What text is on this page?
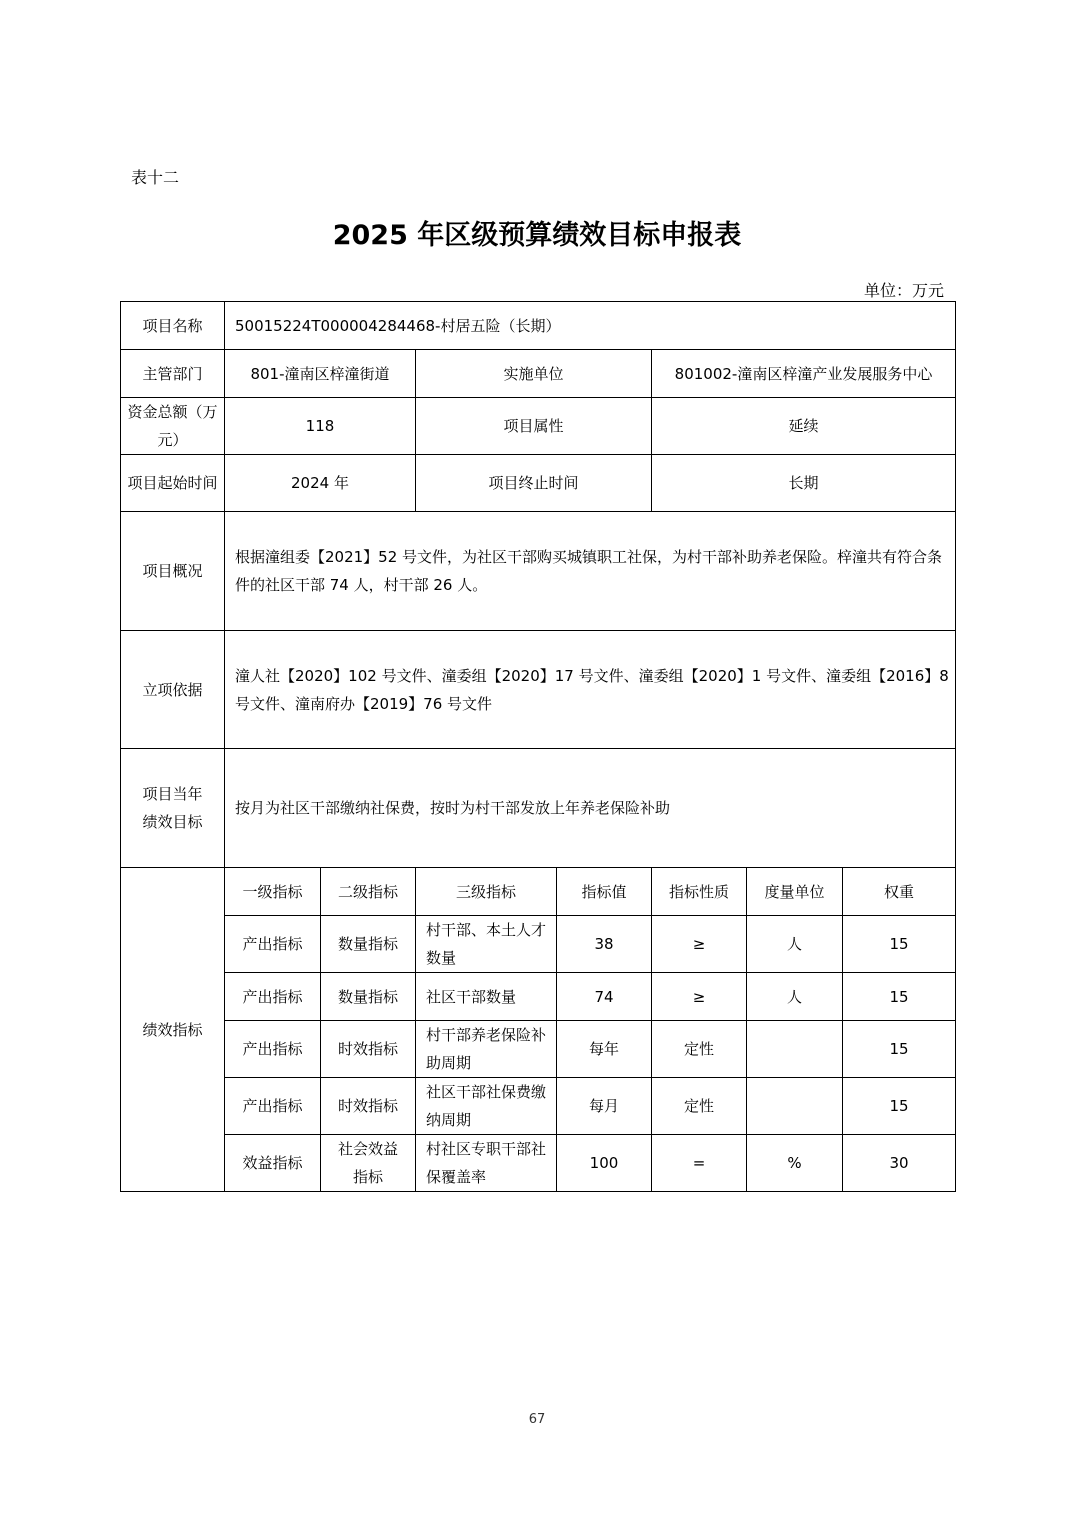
表十二
2025 年区级预算绩效目标申报表
单位：万元
项目名称	50015224T000004284468-村居五险（长期）						
主管部门	801-潼南区梓潼街道		实施单位		801002-潼南区梓潼产业发展服务中心		
资金总额（万元）	118		项目属性		延续		
项目起始时间	2024 年		项目终止时间		长期		
项目概况	根据潼组委【2021】52 号文件，为社区干部购买城镇职工社保，为村干部补助养老保险。梓潼共有符合条件的社区干部 74 人，村干部 26 人。						
立项依据	潼人社【2020】102 号文件、潼委组【2020】17 号文件、潼委组【2020】1 号文件、潼委组【2016】8 号文件、潼南府办【2019】76 号文件						
项目当年绩效目标	按月为社区干部缴纳社保费，按时为村干部发放上年养老保险补助						
绩效指标	一级指标	二级指标	三级指标	指标值	指标性质	度量单位	权重
	产出指标	数量指标	村干部、本土人才数量	38	≥	人	15
	产出指标	数量指标	社区干部数量	74	≥	人	15
	产出指标	时效指标	村干部养老保险补助周期	每年	定性		15
	产出指标	时效指标	社区干部社保费缴纳周期	每月	定性		15
	效益指标	社会效益指标	村社区专职干部社保覆盖率	100	=	%	30
67
